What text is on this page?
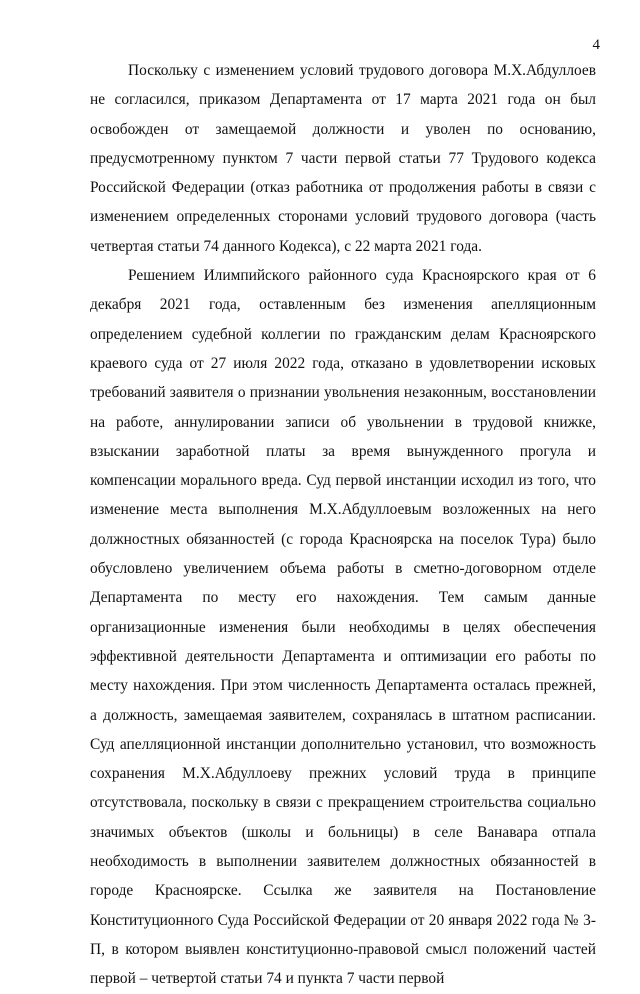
4

Поскольку с изменением условий трудового договора М.Х.Абдуллоев не согласился, приказом Департамента от 17 марта 2021 года он был освобожден от замещаемой должности и уволен по основанию, предусмотренному пунктом 7 части первой статьи 77 Трудового кодекса Российской Федерации (отказ работника от продолжения работы в связи с изменением определенных сторонами условий трудового договора (часть четвертая статьи 74 данного Кодекса), с 22 марта 2021 года.

Решением Илимпийского районного суда Красноярского края от 6 декабря 2021 года, оставленным без изменения апелляционным определением судебной коллегии по гражданским делам Красноярского краевого суда от 27 июля 2022 года, отказано в удовлетворении исковых требований заявителя о признании увольнения незаконным, восстановлении на работе, аннулировании записи об увольнении в трудовой книжке, взыскании заработной платы за время вынужденного прогула и компенсации морального вреда. Суд первой инстанции исходил из того, что изменение места выполнения М.Х.Абдуллоевым возложенных на него должностных обязанностей (с города Красноярска на поселок Тура) было обусловлено увеличением объема работы в сметно-договорном отделе Департамента по месту его нахождения. Тем самым данные организационные изменения были необходимы в целях обеспечения эффективной деятельности Департамента и оптимизации его работы по месту нахождения. При этом численность Департамента осталась прежней, а должность, замещаемая заявителем, сохранялась в штатном расписании. Суд апелляционной инстанции дополнительно установил, что возможность сохранения М.Х.Абдуллоеву прежних условий труда в принципе отсутствовала, поскольку в связи с прекращением строительства социально значимых объектов (школы и больницы) в селе Ванавара отпала необходимость в выполнении заявителем должностных обязанностей в городе Красноярске. Ссылка же заявителя на Постановление Конституционного Суда Российской Федерации от 20 января 2022 года № 3-П, в котором выявлен конституционно-правовой смысл положений частей первой – четвертой статьи 74 и пункта 7 части первой
